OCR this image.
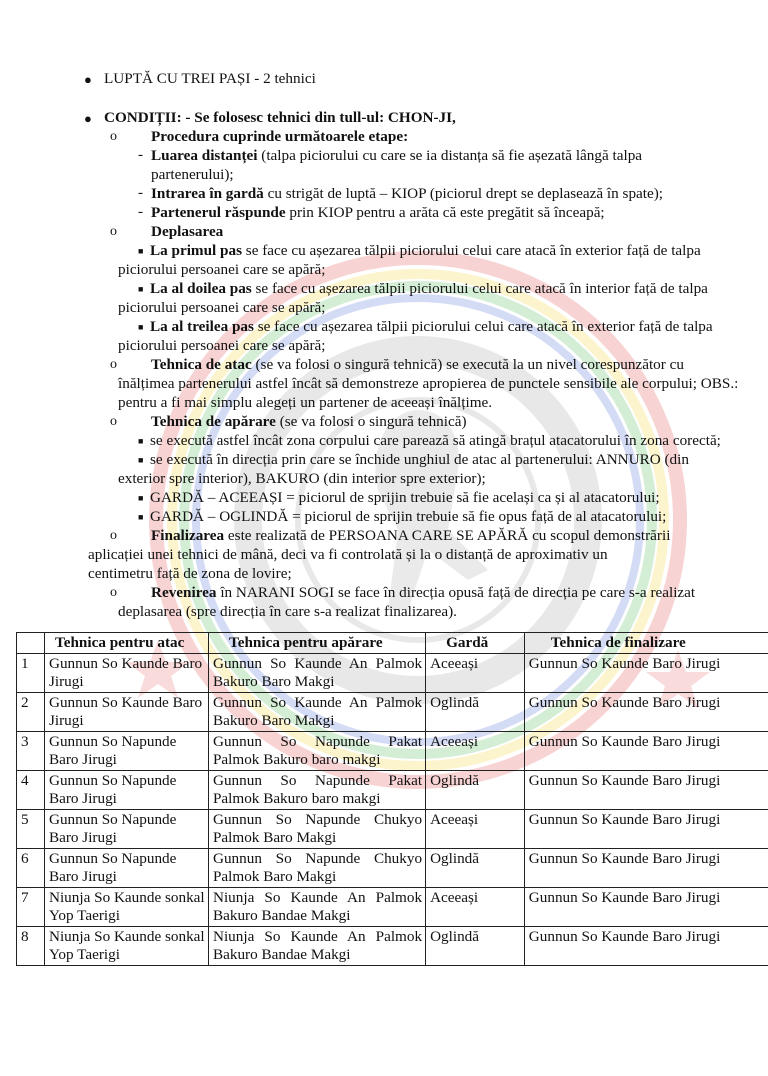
● LUPTĂ CU TREI PAȘI - 2 tehnici
● CONDIȚII: - Se folosesc tehnici din tull-ul: CHON-JI,
o Procedura cuprinde următoarele etape:
- Luarea distanței (talpa piciorului cu care se ia distanța să fie așezată lângă talpa
partenerului);
- Intrarea în gardă cu strigăt de luptă – KIOP (piciorul drept se deplasează în spate);
- Partenerul răspunde prin KIOP pentru a arăta că este pregătit să înceapă;
o Deplasarea
■ La primul pas se face cu așezarea tălpii piciorului celui care atacă în exterior față de talpa
piciorului persoanei care se apără;
■ La al doilea pas se face cu așezarea tălpii piciorului celui care atacă în interior față de talpa
piciorului persoanei care se apără;
■ La al treilea pas se face cu așezarea tălpii piciorului celui care atacă în exterior față de talpa
piciorului persoanei care se apără;
o Tehnica de atac (se va folosi o singură tehnică) se execută la un nivel corespunzător cu
înălțimea partenerului astfel încât să demonstreze apropierea de punctele sensibile ale corpului; OBS.:
pentru a fi mai simplu alegeți un partener de aceeași înălțime.
o Tehnica de apărare (se va folosi o singură tehnică)
■ se execută astfel încât zona corpului care parează să atingă brațul atacatorului în zona corectă;
■ se execută în direcția prin care se închide unghiul de atac al partenerului: ANNURO (din
exterior spre interior), BAKURO (din interior spre exterior);
■ GARDĂ – ACEEAȘI = piciorul de sprijin trebuie să fie același ca și al atacatorului;
■ GARDĂ – OGLINDĂ = piciorul de sprijin trebuie să fie opus față de al atacatorului;
o Finalizarea este realizată de PERSOANA CARE SE APĂRĂ cu scopul demonstrării
aplicației unei tehnici de mână, deci va fi controlată și la o distanță de aproximativ un
centimetru față de zona de lovire;
o Revenirea în NARANI SOGI se face în direcția opusă față de direcția pe care s-a realizat
deplasarea (spre direcția în care s-a realizat finalizarea).
	Tehnica pentru atac	Tehnica pentru apărare	Gardă	Tehnica de finalizare
1	Gunnun So Kaunde Baro Jirugi	Gunnun So Kaunde An Palmok Bakuro Baro Makgi	Aceeași	Gunnun So Kaunde Baro Jirugi
2	Gunnun So Kaunde Baro Jirugi	Gunnun So Kaunde An Palmok Bakuro Baro Makgi	Oglindă	Gunnun So Kaunde Baro Jirugi
3	Gunnun So Napunde Baro Jirugi	Gunnun So Napunde Pakat Palmok Bakuro baro makgi	Aceeași	Gunnun So Kaunde Baro Jirugi
4	Gunnun So Napunde Baro Jirugi	Gunnun So Napunde Pakat Palmok Bakuro baro makgi	Oglindă	Gunnun So Kaunde Baro Jirugi
5	Gunnun So Napunde Baro Jirugi	Gunnun So Napunde Chukyo Palmok Baro Makgi	Aceeași	Gunnun So Kaunde Baro Jirugi
6	Gunnun So Napunde Baro Jirugi	Gunnun So Napunde Chukyo Palmok Baro Makgi	Oglindă	Gunnun So Kaunde Baro Jirugi
7	Niunja So Kaunde sonkal Yop Taerigi	Niunja So Kaunde An Palmok Bakuro Bandae Makgi	Aceeași	Gunnun So Kaunde Baro Jirugi
8	Niunja So Kaunde sonkal Yop Taerigi	Niunja So Kaunde An Palmok Bakuro Bandae Makgi	Oglindă	Gunnun So Kaunde Baro Jirugi
